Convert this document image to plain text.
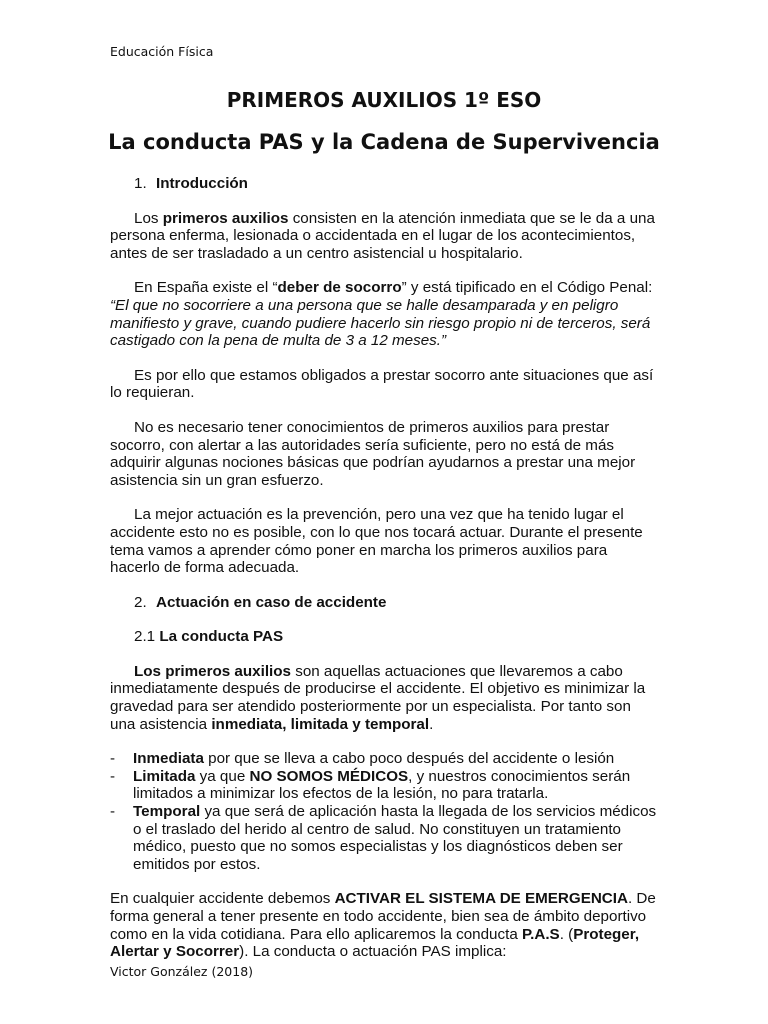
Educación Física
PRIMEROS AUXILIOS 1º ESO
La conducta PAS y la Cadena de Supervivencia
1. Introducción

Los primeros auxilios consisten en la atención inmediata que se le da a una persona enferma, lesionada o accidentada en el lugar de los acontecimientos, antes de ser trasladado a un centro asistencial u hospitalario.

En España existe el “deber de socorro” y está tipificado en el Código Penal: “El que no socorriere a una persona que se halle desamparada y en peligro manifiesto y grave, cuando pudiere hacerlo sin riesgo propio ni de terceros, será castigado con la pena de multa de 3 a 12 meses.”

Es por ello que estamos obligados a prestar socorro ante situaciones que así lo requieran.

No es necesario tener conocimientos de primeros auxilios para prestar socorro, con alertar a las autoridades sería suficiente, pero no está de más adquirir algunas nociones básicas que podrían ayudarnos a prestar una mejor asistencia sin un gran esfuerzo.

La mejor actuación es la prevención, pero una vez que ha tenido lugar el accidente esto no es posible, con lo que nos tocará actuar. Durante el presente tema vamos a aprender cómo poner en marcha los primeros auxilios para hacerlo de forma adecuada.

2. Actuación en caso de accidente
2.1 La conducta PAS

Los primeros auxilios son aquellas actuaciones que llevaremos a cabo inmediatamente después de producirse el accidente. El objetivo es minimizar la gravedad para ser atendido posteriormente por un especialista. Por tanto son una asistencia inmediata, limitada y temporal.

- Inmediata por que se lleva a cabo poco después del accidente o lesión
- Limitada ya que NO SOMOS MÉDICOS, y nuestros conocimientos serán limitados a minimizar los efectos de la lesión, no para tratarla.
- Temporal ya que será de aplicación hasta la llegada de los servicios médicos o el traslado del herido al centro de salud. No constituyen un tratamiento médico, puesto que no somos especialistas y los diagnósticos deben ser emitidos por estos.

En cualquier accidente debemos ACTIVAR EL SISTEMA DE EMERGENCIA. De forma general a tener presente en todo accidente, bien sea de ámbito deportivo como en la vida cotidiana. Para ello aplicaremos la conducta P.A.S. (Proteger, Alertar y Socorrer). La conducta o actuación PAS implica:

Victor González (2018)
